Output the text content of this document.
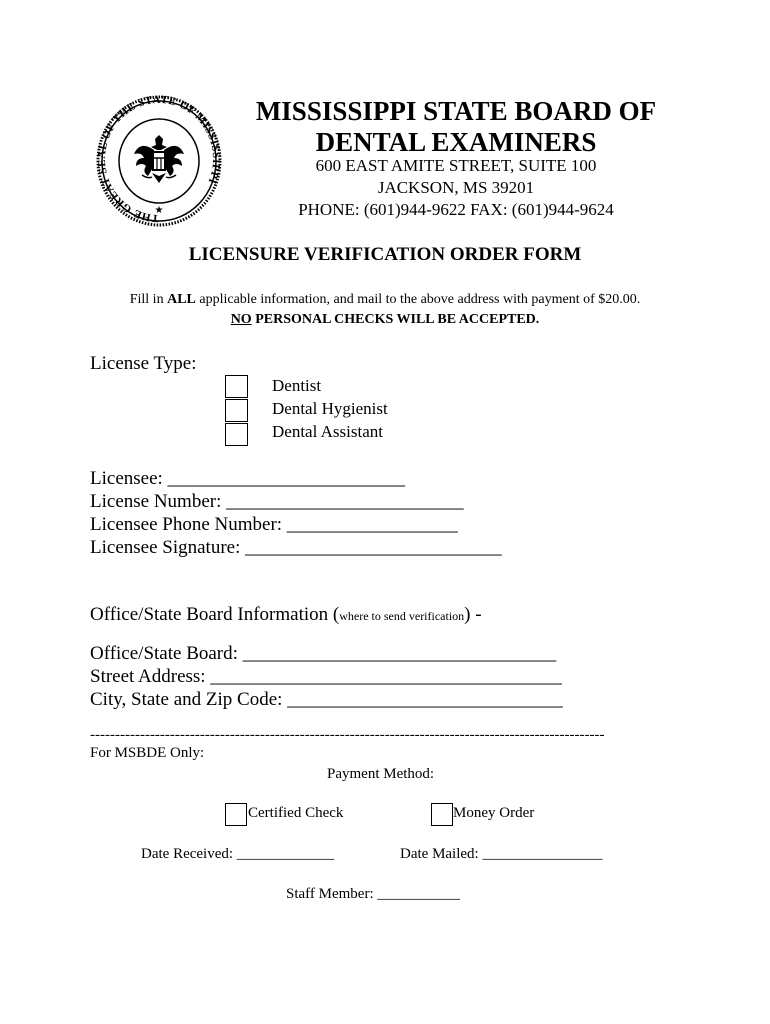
THE GREAT SEAL OF THE STATE OF MISSISSIPPI
★
MISSISSIPPI STATE BOARD OF
DENTAL EXAMINERS
600 EAST AMITE STREET, SUITE 100
JACKSON, MS 39201
PHONE: (601)944-9622 FAX: (601)944-9624
LICENSURE VERIFICATION ORDER FORM
Fill in ALL applicable information, and mail to the above address with payment of $20.00.
NO PERSONAL CHECKS WILL BE ACCEPTED.
License Type:
Dentist
Dental Hygienist
Dental Assistant
Licensee: _________________________
License Number: _________________________
Licensee Phone Number: __________________
Licensee Signature: ___________________________
Office/State Board Information (where to send verification) -
Office/State Board: _________________________________
Street Address: _____________________________________
City, State and Zip Code: _____________________________
-------------------------------------------------------------------------------------------------------
For MSBDE Only:
Payment Method:
Certified Check	Money Order
Date Received: _____________	Date Mailed: ________________
Staff Member: ___________
